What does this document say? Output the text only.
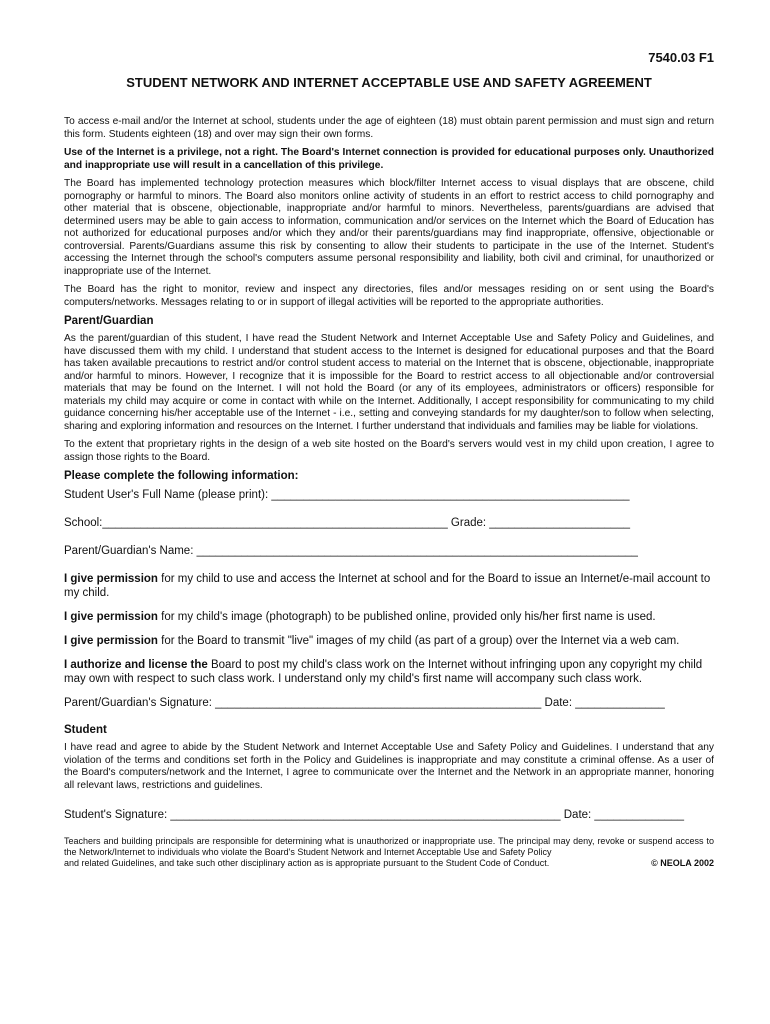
7540.03 F1
STUDENT NETWORK AND INTERNET ACCEPTABLE USE AND SAFETY AGREEMENT

To access e-mail and/or the Internet at school, students under the age of eighteen (18) must obtain parent permission and must sign and return this form. Students eighteen (18) and over may sign their own forms.

Use of the Internet is a privilege, not a right. The Board's Internet connection is provided for educational purposes only. Unauthorized and inappropriate use will result in a cancellation of this privilege.

The Board has implemented technology protection measures which block/filter Internet access to visual displays that are obscene, child pornography or harmful to minors. The Board also monitors online activity of students in an effort to restrict access to child pornography and other material that is obscene, objectionable, inappropriate and/or harmful to minors. Nevertheless, parents/guardians are advised that determined users may be able to gain access to information, communication and/or services on the Internet which the Board of Education has not authorized for educational purposes and/or which they and/or their parents/guardians may find inappropriate, offensive, objectionable or controversial. Parents/Guardians assume this risk by consenting to allow their students to participate in the use of the Internet. Student's accessing the Internet through the school's computers assume personal responsibility and liability, both civil and criminal, for unauthorized or inappropriate use of the Internet.

The Board has the right to monitor, review and inspect any directories, files and/or messages residing on or sent using the Board's computers/networks. Messages relating to or in support of illegal activities will be reported to the appropriate authorities.

Parent/Guardian

As the parent/guardian of this student, I have read the Student Network and Internet Acceptable Use and Safety Policy and Guidelines, and have discussed them with my child. I understand that student access to the Internet is designed for educational purposes and that the Board has taken available precautions to restrict and/or control student access to material on the Internet that is obscene, objectionable, inappropriate and/or harmful to minors. However, I recognize that it is impossible for the Board to restrict access to all objectionable and/or controversial materials that may be found on the Internet. I will not hold the Board (or any of its employees, administrators or officers) responsible for materials my child may acquire or come in contact with while on the Internet. Additionally, I accept responsibility for communicating to my child guidance concerning his/her acceptable use of the Internet - i.e., setting and conveying standards for my daughter/son to follow when selecting, sharing and exploring information and resources on the Internet. I further understand that individuals and families may be liable for violations.

To the extent that proprietary rights in the design of a web site hosted on the Board's servers would vest in my child upon creation, I agree to assign those rights to the Board.

Please complete the following information:
Student User's Full Name (please print): ________________________________________________________
School:______________________________________________________ Grade: ______________________
Parent/Guardian's Name: _____________________________________________________________________
I give permission for my child to use and access the Internet at school and for the Board to issue an Internet/e-mail account to my child.
I give permission for my child's image (photograph) to be published online, provided only his/her first name is used.
I give permission for the Board to transmit "live" images of my child (as part of a group) over the Internet via a web cam.
I authorize and license the Board to post my child's class work on the Internet without infringing upon any copyright my child may own with respect to such class work. I understand only my child's first name will accompany such class work.
Parent/Guardian's Signature: ___________________________________________________ Date: ______________
Student

I have read and agree to abide by the Student Network and Internet Acceptable Use and Safety Policy and Guidelines. I understand that any violation of the terms and conditions set forth in the Policy and Guidelines is inappropriate and may constitute a criminal offense. As a user of the Board's computers/network and the Internet, I agree to communicate over the Internet and the Network in an appropriate manner, honoring all relevant laws, restrictions and guidelines.

Student's Signature: _____________________________________________________________ Date: ______________
Teachers and building principals are responsible for determining what is unauthorized or inappropriate use. The principal may deny, revoke or suspend access to the Network/Internet to individuals who violate the Board's Student Network and Internet Acceptable Use and Safety Policy
and related Guidelines, and take such other disciplinary action as is appropriate pursuant to the Student Code of Conduct.	© NEOLA 2002
